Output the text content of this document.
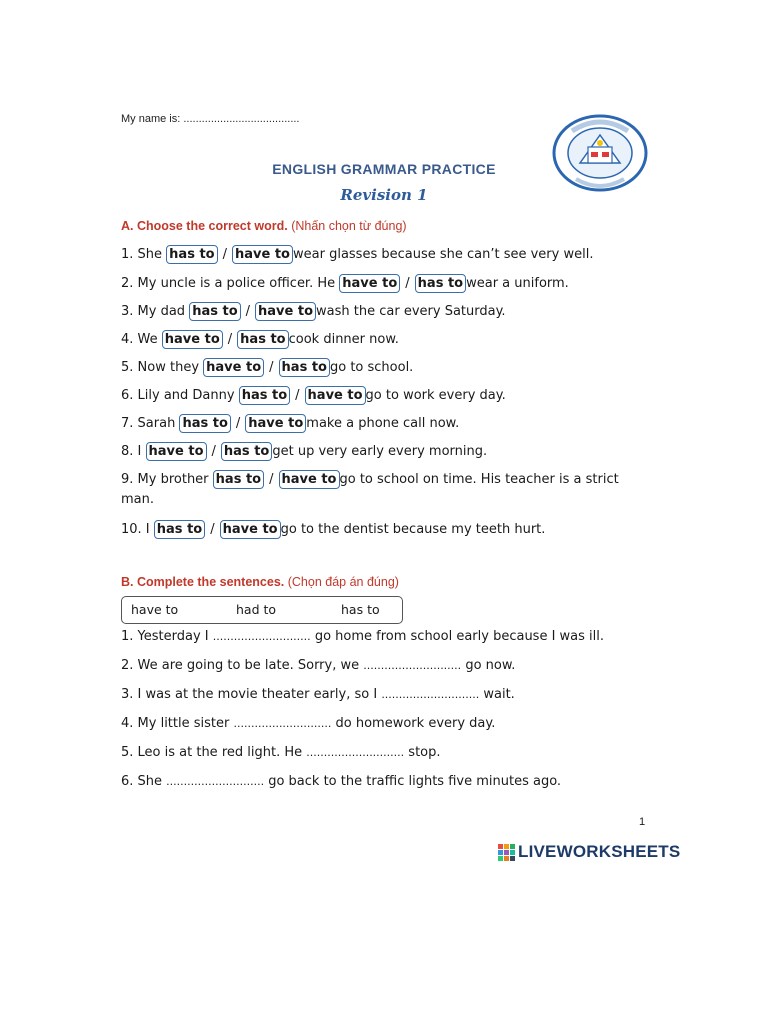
My name is: ......................................
ENGLISH GRAMMAR PRACTICE
Revision 1
A. Choose the correct word. (Nhấn chọn từ đúng)
1. She has to / have to wear glasses because she can’t see very well.
2. My uncle is a police officer. He have to / has to wear a uniform.
3. My dad has to / have to wash the car every Saturday.
4. We have to / has to cook dinner now.
5. Now they have to / has to go to school.
6. Lily and Danny has to / have to go to work every day.
7. Sarah has to / have to make a phone call now.
8. I have to / has to get up very early every morning.
9. My brother has to / have to go to school on time. His teacher is a strict
man.
10. I has to / have to go to the dentist because my teeth hurt.
B. Complete the sentences. (Chọn đáp án đúng)
have to	had to	has to
1. Yesterday I ............................ go home from school early because I was ill.
2. We are going to be late. Sorry, we ............................ go now.
3. I was at the movie theater early, so I ............................ wait.
4. My little sister ............................ do homework every day.
5. Leo is at the red light. He ............................ stop.
6. She ............................ go back to the traffic lights five minutes ago.
1
LIVEWORKSHEETS
